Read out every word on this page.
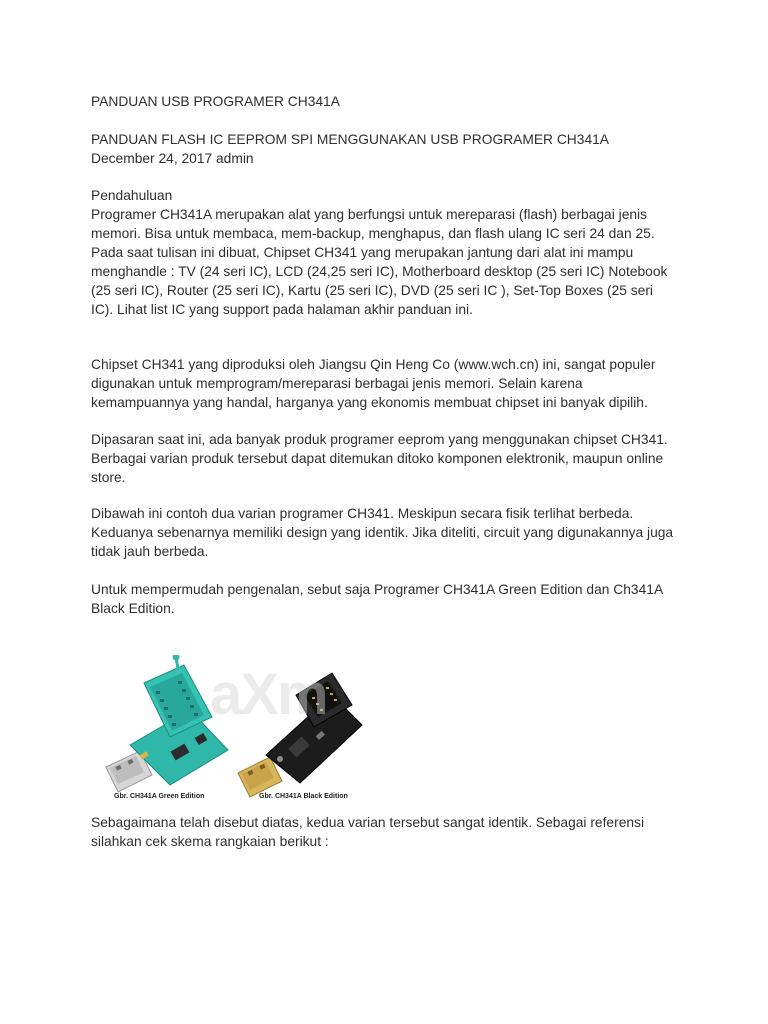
PANDUAN USB PROGRAMER CH341A
PANDUAN FLASH IC EEPROM SPI MENGGUNAKAN USB PROGRAMER CH341A
December 24, 2017 admin
Pendahuluan
Programer CH341A merupakan alat yang berfungsi untuk mereparasi (flash) berbagai jenis
memori. Bisa untuk membaca, mem-backup, menghapus, dan flash ulang IC seri 24 dan 25.
Pada saat tulisan ini dibuat, Chipset CH341 yang merupakan jantung dari alat ini mampu
menghandle : TV (24 seri IC), LCD (24,25 seri IC), Motherboard desktop (25 seri IC) Notebook
(25 seri IC), Router (25 seri IC), Kartu (25 seri IC), DVD (25 seri IC ), Set-Top Boxes (25 seri
IC). Lihat list IC yang support pada halaman akhir panduan ini.
Chipset CH341 yang diproduksi oleh Jiangsu Qin Heng Co (www.wch.cn) ini, sangat populer
digunakan untuk memprogram/mereparasi berbagai jenis memori. Selain karena
kemampuannya yang handal, harganya yang ekonomis membuat chipset ini banyak dipilih.
Dipasaran saat ini, ada banyak produk programer eeprom yang menggunakan chipset CH341.
Berbagai varian produk tersebut dapat ditemukan ditoko komponen elektronik, maupun online
store.
Dibawah ini contoh dua varian programer CH341. Meskipun secara fisik terlihat berbeda.
Keduanya sebenarnya memiliki design yang identik. Jika diteliti, circuit yang digunakannya juga
tidak jauh berbeda.
Untuk mempermudah pengenalan, sebut saja Programer CH341A Green Edition dan Ch341A
Black Edition.
aXm
Gbr. CH341A Green Edition	Gbr. CH341A Black Edition
Sebagaimana telah disebut diatas, kedua varian tersebut sangat identik. Sebagai referensi
silahkan cek skema rangkaian berikut :
